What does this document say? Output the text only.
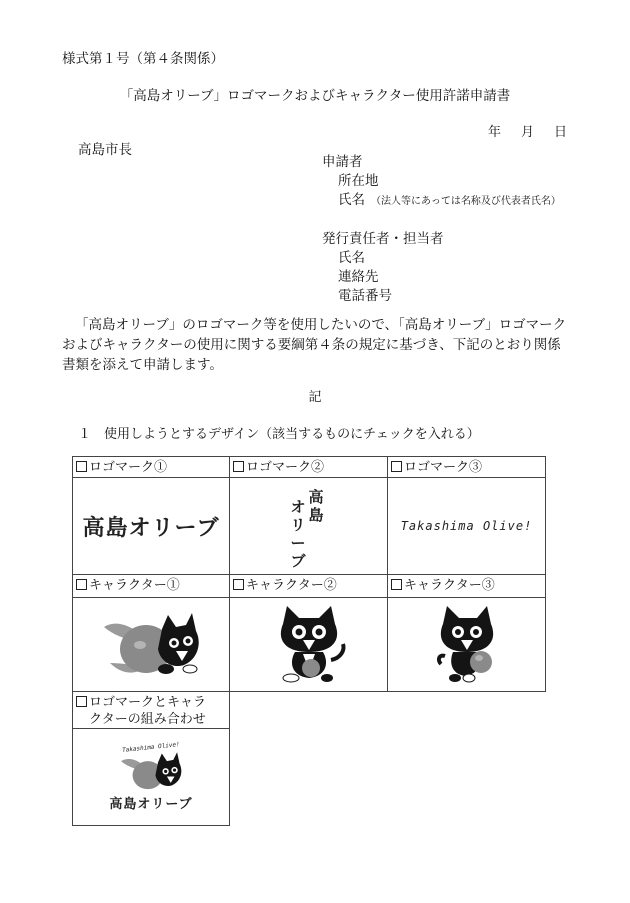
様式第１号（第４条関係）
「高島オリーブ」ロゴマークおよびキャラクター使用許諾申請書
年 月 日
高島市長
申請者
所在地
氏名 （法人等にあっては名称及び代表者氏名）
発行責任者・担当者
氏名
連絡先
電話番号
「高島オリーブ」のロゴマーク等を使用したいので、「高島オリーブ」ロゴマークおよびキャラクターの使用に関する要綱第４条の規定に基づき、下記のとおり関係書類を添えて申請します。
記
１　使用しようとするデザイン（該当するものにチェックを入れる）
ロゴマーク①	ロゴマーク②	ロゴマーク③
高島オリーブ
高島
オリーブ
Takashima Olive!
キャラクター①	キャラクター②	キャラクター③
ロゴマークとキャラ
クターの組み合わせ
Takashima Olive!
高島オリーブ
